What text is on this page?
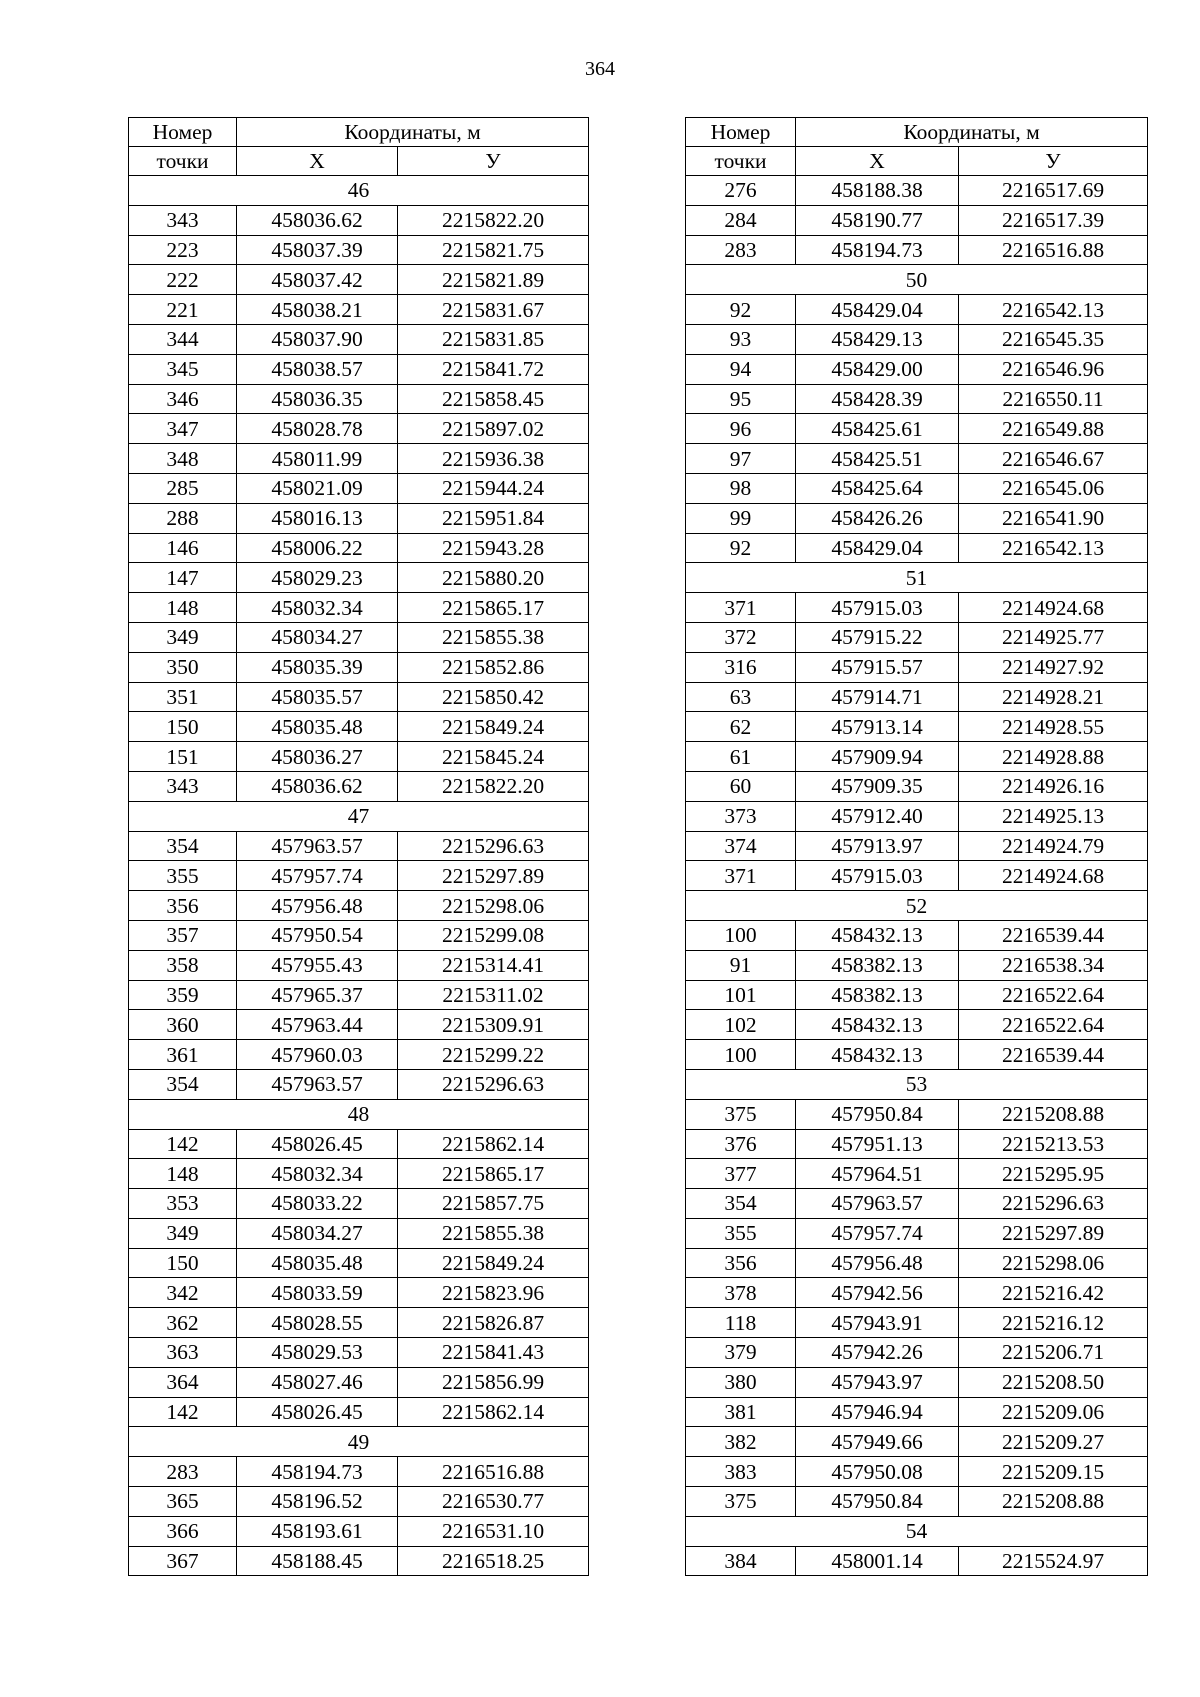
364
Номер	Координаты, м	
точки	X	У
46		
343	458036.62	2215822.20
223	458037.39	2215821.75
222	458037.42	2215821.89
221	458038.21	2215831.67
344	458037.90	2215831.85
345	458038.57	2215841.72
346	458036.35	2215858.45
347	458028.78	2215897.02
348	458011.99	2215936.38
285	458021.09	2215944.24
288	458016.13	2215951.84
146	458006.22	2215943.28
147	458029.23	2215880.20
148	458032.34	2215865.17
349	458034.27	2215855.38
350	458035.39	2215852.86
351	458035.57	2215850.42
150	458035.48	2215849.24
151	458036.27	2215845.24
343	458036.62	2215822.20
47		
354	457963.57	2215296.63
355	457957.74	2215297.89
356	457956.48	2215298.06
357	457950.54	2215299.08
358	457955.43	2215314.41
359	457965.37	2215311.02
360	457963.44	2215309.91
361	457960.03	2215299.22
354	457963.57	2215296.63
48		
142	458026.45	2215862.14
148	458032.34	2215865.17
353	458033.22	2215857.75
349	458034.27	2215855.38
150	458035.48	2215849.24
342	458033.59	2215823.96
362	458028.55	2215826.87
363	458029.53	2215841.43
364	458027.46	2215856.99
142	458026.45	2215862.14
49		
283	458194.73	2216516.88
365	458196.52	2216530.77
366	458193.61	2216531.10
367	458188.45	2216518.25
Номер	Координаты, м	
точки	X	У
276	458188.38	2216517.69
284	458190.77	2216517.39
283	458194.73	2216516.88
50		
92	458429.04	2216542.13
93	458429.13	2216545.35
94	458429.00	2216546.96
95	458428.39	2216550.11
96	458425.61	2216549.88
97	458425.51	2216546.67
98	458425.64	2216545.06
99	458426.26	2216541.90
92	458429.04	2216542.13
51		
371	457915.03	2214924.68
372	457915.22	2214925.77
316	457915.57	2214927.92
63	457914.71	2214928.21
62	457913.14	2214928.55
61	457909.94	2214928.88
60	457909.35	2214926.16
373	457912.40	2214925.13
374	457913.97	2214924.79
371	457915.03	2214924.68
52		
100	458432.13	2216539.44
91	458382.13	2216538.34
101	458382.13	2216522.64
102	458432.13	2216522.64
100	458432.13	2216539.44
53		
375	457950.84	2215208.88
376	457951.13	2215213.53
377	457964.51	2215295.95
354	457963.57	2215296.63
355	457957.74	2215297.89
356	457956.48	2215298.06
378	457942.56	2215216.42
118	457943.91	2215216.12
379	457942.26	2215206.71
380	457943.97	2215208.50
381	457946.94	2215209.06
382	457949.66	2215209.27
383	457950.08	2215209.15
375	457950.84	2215208.88
54		
384	458001.14	2215524.97
